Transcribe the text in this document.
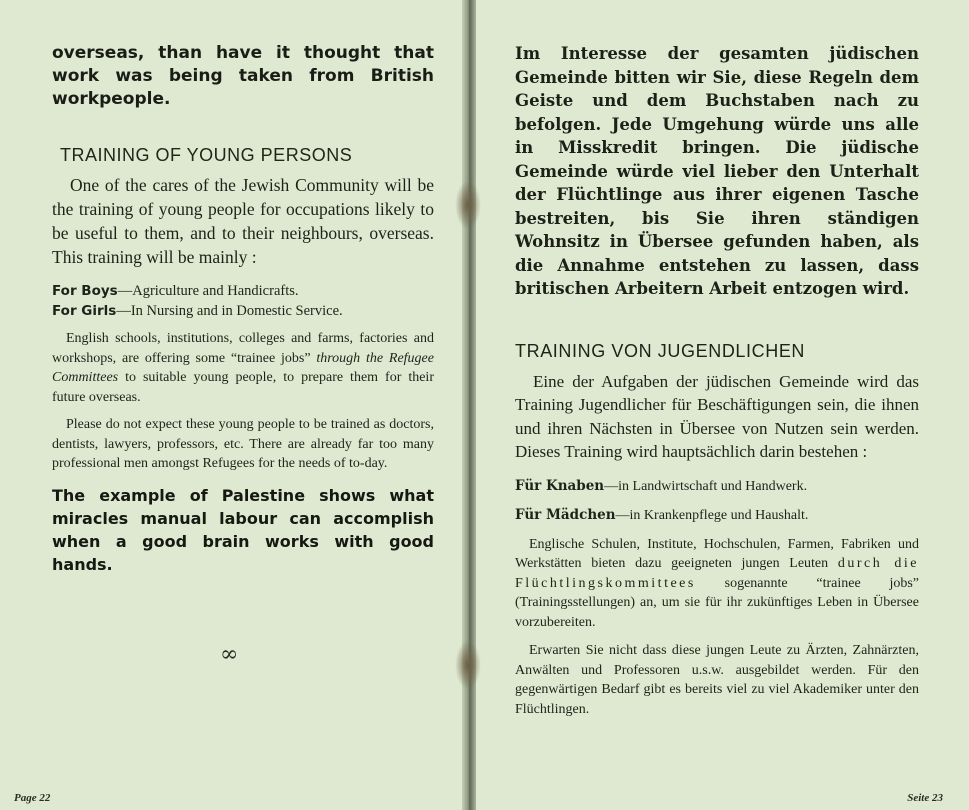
overseas, than have it thought that work was being taken from British workpeople.

TRAINING OF YOUNG PERSONS

One of the cares of the Jewish Community will be the training of young people for occupations likely to be useful to them, and to their neighbours, overseas. This training will be mainly :

For Boys—Agriculture and Handicrafts.
For Girls—In Nursing and in Domestic Service.

English schools, institutions, colleges and farms, factories and workshops, are offering some “trainee jobs” through the Refugee Committees to suitable young people, to prepare them for their future overseas.

Please do not expect these young people to be trained as doctors, dentists, lawyers, professors, etc. There are already far too many professional men amongst Refugees for the needs of to-day.

The example of Palestine shows what miracles manual labour can accomplish when a good brain works with good hands.

∞
Page 22

Im Interesse der gesamten jüdischen Gemeinde bitten wir Sie, diese Regeln dem Geiste und dem Buchstaben nach zu befolgen. Jede Umgehung würde uns alle in Misskredit bringen. Die jüdische Gemeinde würde viel lieber den Unterhalt der Flüchtlinge aus ihrer eigenen Tasche bestreiten, bis Sie ihren ständigen Wohnsitz in Übersee gefunden haben, als die Annahme entstehen zu lassen, dass britischen Arbeitern Arbeit entzogen wird.

TRAINING VON JUGENDLICHEN

Eine der Aufgaben der jüdischen Gemeinde wird das Training Jugendlicher für Beschäftigungen sein, die ihnen und ihren Nächsten in Übersee von Nutzen sein werden. Dieses Training wird hauptsächlich darin bestehen :

Für Knaben—in Landwirtschaft und Handwerk.
Für Mädchen—in Krankenpflege und Haushalt.

Englische Schulen, Institute, Hochschulen, Farmen, Fabriken und Werkstätten bieten dazu geeigneten jungen Leuten durch die Flüchtlingskommittees sogenannte “trainee jobs” (Trainingsstellungen) an, um sie für ihr zukünftiges Leben in Übersee vorzubereiten.

Erwarten Sie nicht dass diese jungen Leute zu Ärzten, Zahnärzten, Anwälten und Professoren u.s.w. ausgebildet werden. Für den gegenwärtigen Bedarf gibt es bereits viel zu viel Akademiker unter den Flüchtlingen.

Seite 23
